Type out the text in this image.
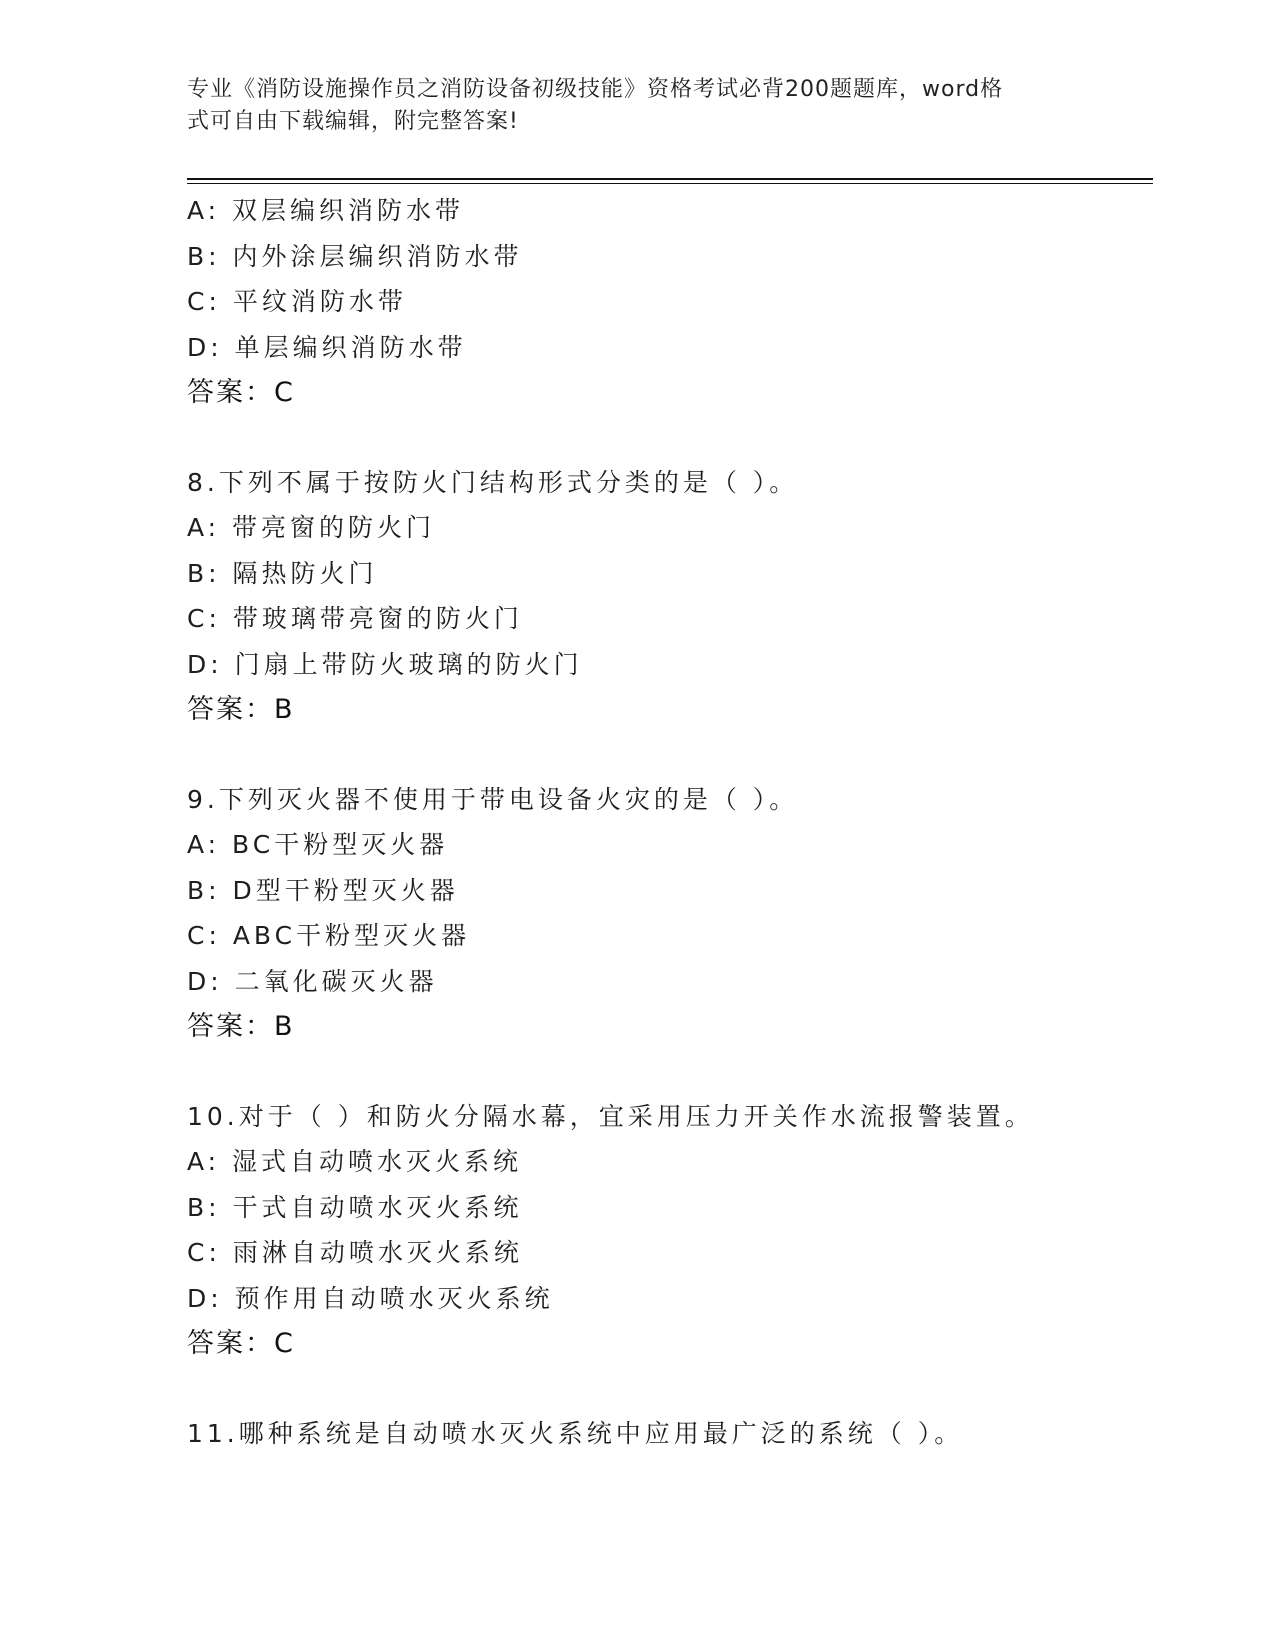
专业《消防设施操作员之消防设备初级技能》资格考试必背200题题库，word格
式可自由下载编辑，附完整答案!
A: 双层编织消防水带
B: 内外涂层编织消防水带
C: 平纹消防水带
D: 单层编织消防水带
答案：C
8.下列不属于按防火门结构形式分类的是（ ）。
A: 带亮窗的防火门
B: 隔热防火门
C: 带玻璃带亮窗的防火门
D: 门扇上带防火玻璃的防火门
答案：B
9.下列灭火器不使用于带电设备火灾的是（ ）。
A: BC干粉型灭火器
B: D型干粉型灭火器
C: ABC干粉型灭火器
D: 二氧化碳灭火器
答案：B
10.对于（ ）和防火分隔水幕，宜采用压力开关作水流报警装置。
A: 湿式自动喷水灭火系统
B: 干式自动喷水灭火系统
C: 雨淋自动喷水灭火系统
D: 预作用自动喷水灭火系统
答案：C
11.哪种系统是自动喷水灭火系统中应用最广泛的系统（ ）。
